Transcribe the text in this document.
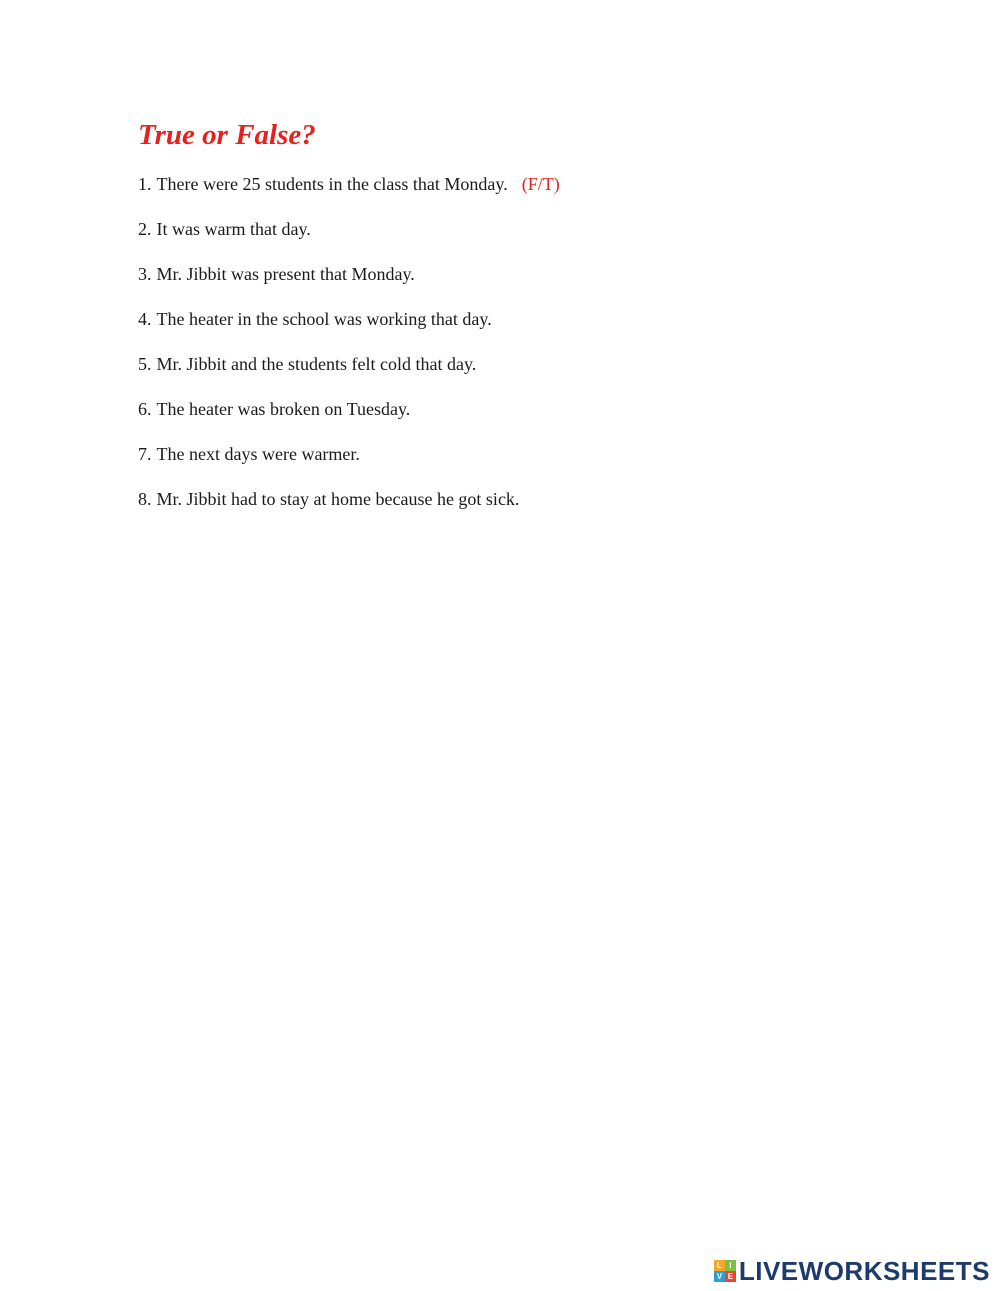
True or False?
1. There were 25 students in the class that Monday. (F/T)
2. It was warm that day.
3. Mr. Jibbit was present that Monday.
4. The heater in the school was working that day.
5. Mr. Jibbit and the students felt cold that day.
6. The heater was broken on Tuesday.
7. The next days were warmer.
8. Mr. Jibbit had to stay at home because he got sick.
L I
V E LIVEWORKSHEETS
